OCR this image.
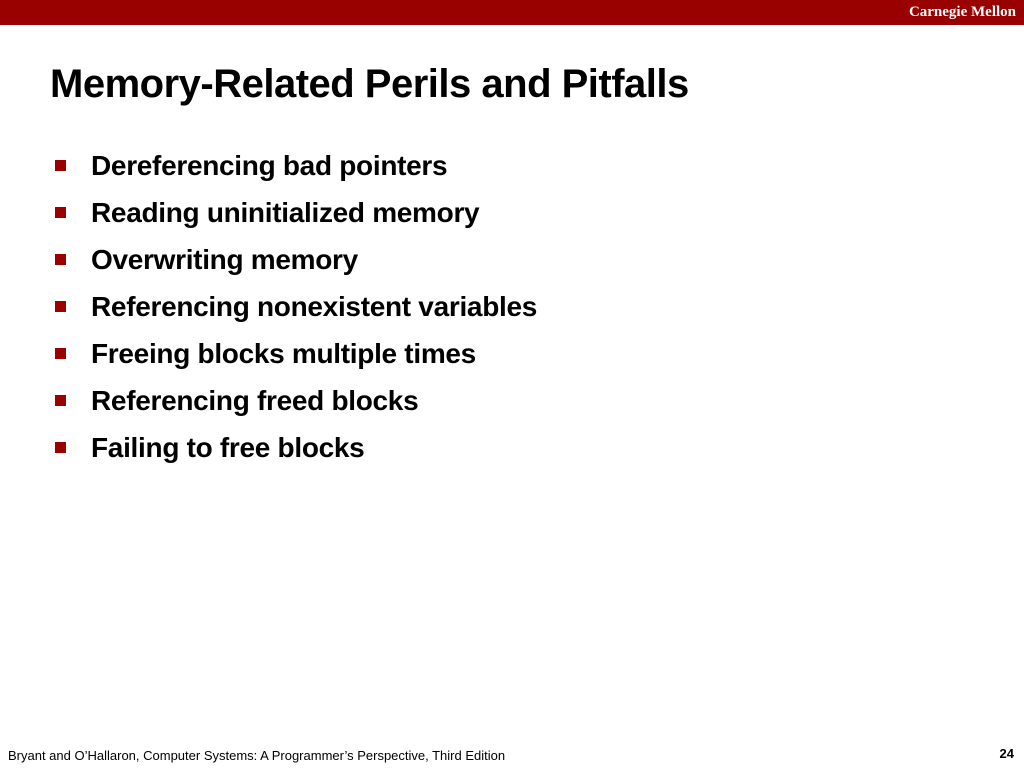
Carnegie Mellon
Memory-Related Perils and Pitfalls
Dereferencing bad pointers
Reading uninitialized memory
Overwriting memory
Referencing nonexistent variables
Freeing blocks multiple times
Referencing freed blocks
Failing to free blocks
Bryant and O’Hallaron, Computer Systems: A Programmer’s Perspective, Third Edition	24
